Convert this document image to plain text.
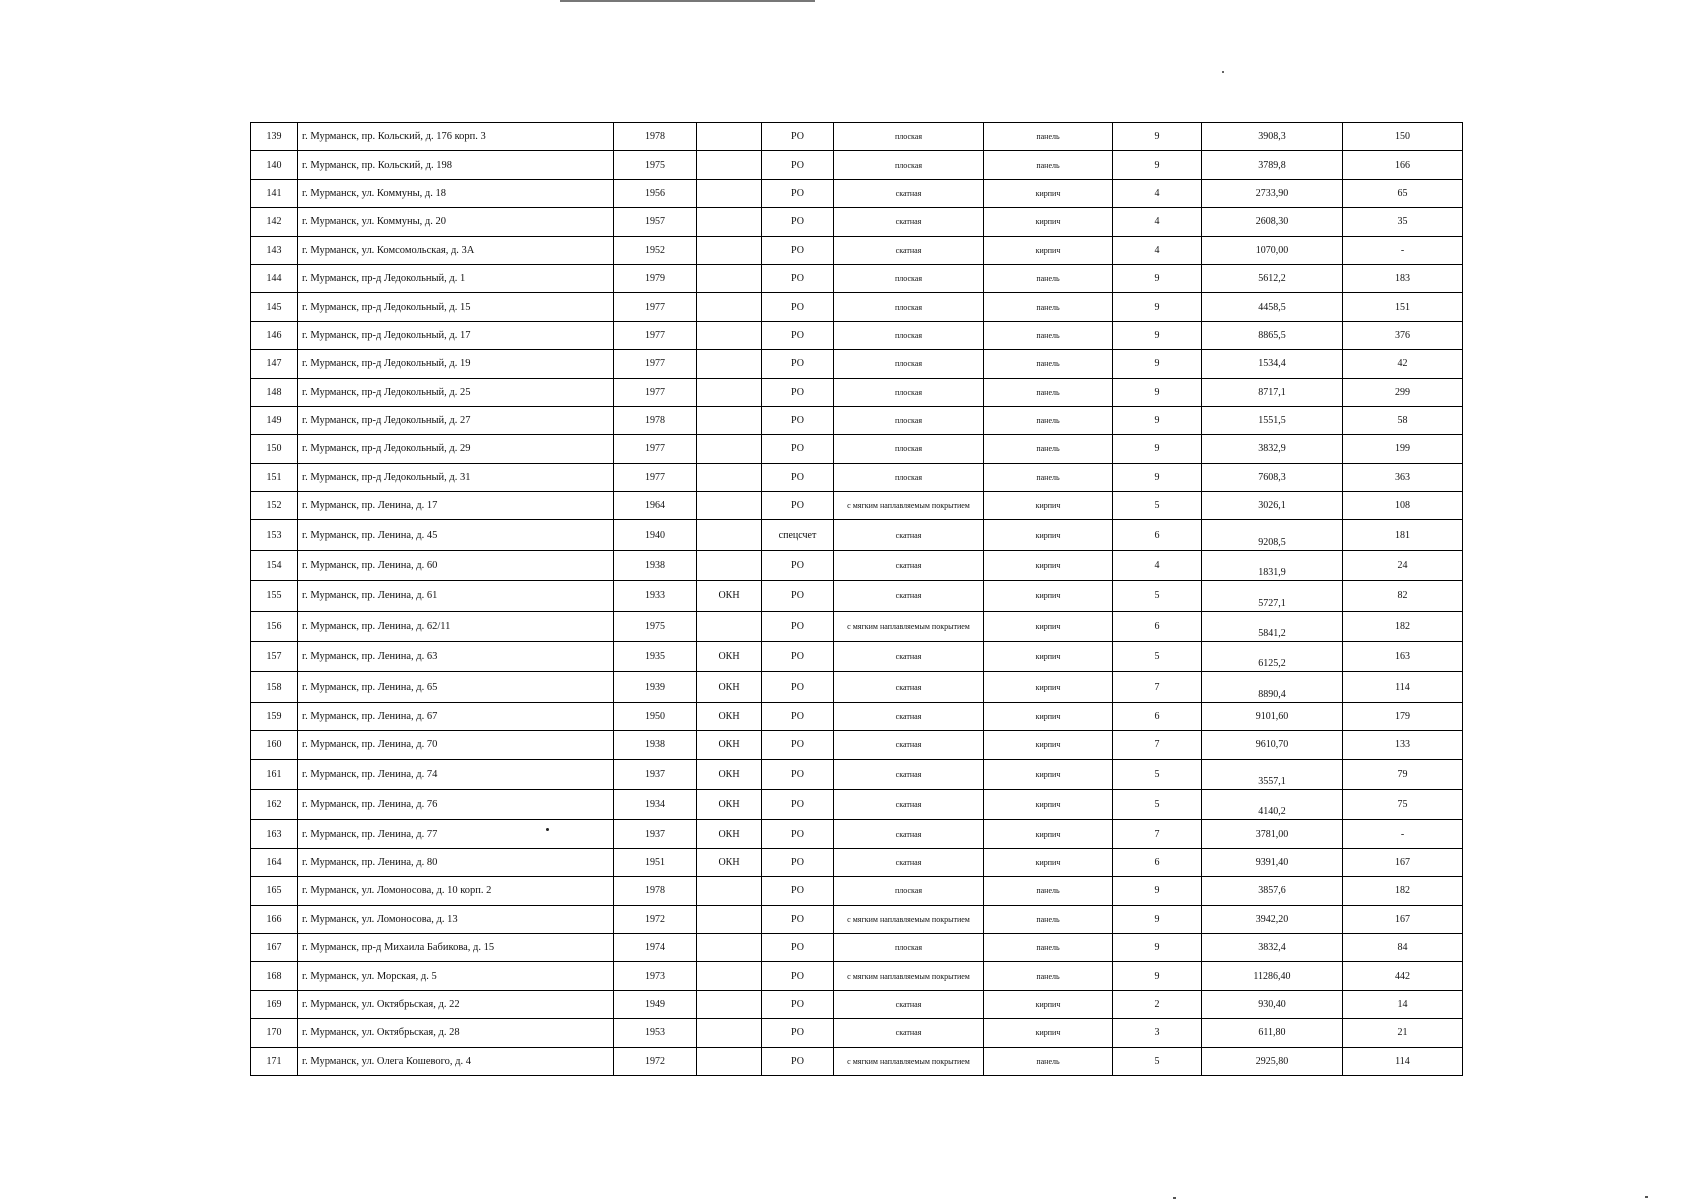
139	г. Мурманск, пр. Кольский, д. 176 корп. 3	1978		РО	плоская	панель	9	3908,3	150
140	г. Мурманск, пр. Кольский, д. 198	1975		РО	плоская	панель	9	3789,8	166
141	г. Мурманск, ул. Коммуны, д. 18	1956		РО	скатная	кирпич	4	2733,90	65
142	г. Мурманск, ул. Коммуны, д. 20	1957		РО	скатная	кирпич	4	2608,30	35
143	г. Мурманск, ул. Комсомольская, д. 3А	1952		РО	скатная	кирпич	4	1070,00	-
144	г. Мурманск, пр-д Ледокольный, д. 1	1979		РО	плоская	панель	9	5612,2	183
145	г. Мурманск, пр-д Ледокольный, д. 15	1977		РО	плоская	панель	9	4458,5	151
146	г. Мурманск, пр-д Ледокольный, д. 17	1977		РО	плоская	панель	9	8865,5	376
147	г. Мурманск, пр-д Ледокольный, д. 19	1977		РО	плоская	панель	9	1534,4	42
148	г. Мурманск, пр-д Ледокольный, д. 25	1977		РО	плоская	панель	9	8717,1	299
149	г. Мурманск, пр-д Ледокольный, д. 27	1978		РО	плоская	панель	9	1551,5	58
150	г. Мурманск, пр-д Ледокольный, д. 29	1977		РО	плоская	панель	9	3832,9	199
151	г. Мурманск, пр-д Ледокольный, д. 31	1977		РО	плоская	панель	9	7608,3	363
152	г. Мурманск, пр. Ленина, д. 17	1964		РО	с мягким наплавляемым покрытием	кирпич	5	3026,1	108
153	г. Мурманск, пр. Ленина, д. 45	1940		спецсчет	скатная	кирпич	6	9208,5	181
154	г. Мурманск, пр. Ленина, д. 60	1938		РО	скатная	кирпич	4	1831,9	24
155	г. Мурманск, пр. Ленина, д. 61	1933	ОКН	РО	скатная	кирпич	5	5727,1	82
156	г. Мурманск, пр. Ленина, д. 62/11	1975		РО	с мягким наплавляемым покрытием	кирпич	6	5841,2	182
157	г. Мурманск, пр. Ленина, д. 63	1935	ОКН	РО	скатная	кирпич	5	6125,2	163
158	г. Мурманск, пр. Ленина, д. 65	1939	ОКН	РО	скатная	кирпич	7	8890,4	114
159	г. Мурманск, пр. Ленина, д. 67	1950	ОКН	РО	скатная	кирпич	6	9101,60	179
160	г. Мурманск, пр. Ленина, д. 70	1938	ОКН	РО	скатная	кирпич	7	9610,70	133
161	г. Мурманск, пр. Ленина, д. 74	1937	ОКН	РО	скатная	кирпич	5	3557,1	79
162	г. Мурманск, пр. Ленина, д. 76	1934	ОКН	РО	скатная	кирпич	5	4140,2	75
163	г. Мурманск, пр. Ленина, д. 77	1937	ОКН	РО	скатная	кирпич	7	3781,00	-
164	г. Мурманск, пр. Ленина, д. 80	1951	ОКН	РО	скатная	кирпич	6	9391,40	167
165	г. Мурманск, ул. Ломоносова, д. 10 корп. 2	1978		РО	плоская	панель	9	3857,6	182
166	г. Мурманск, ул. Ломоносова, д. 13	1972		РО	с мягким наплавляемым покрытием	панель	9	3942,20	167
167	г. Мурманск, пр-д Михаила Бабикова, д. 15	1974		РО	плоская	панель	9	3832,4	84
168	г. Мурманск, ул. Морская, д. 5	1973		РО	с мягким наплавляемым покрытием	панель	9	11286,40	442
169	г. Мурманск, ул. Октябрьская, д. 22	1949		РО	скатная	кирпич	2	930,40	14
170	г. Мурманск, ул. Октябрьская, д. 28	1953		РО	скатная	кирпич	3	611,80	21
171	г. Мурманск, ул. Олега Кошевого, д. 4	1972		РО	с мягким наплавляемым покрытием	панель	5	2925,80	114
